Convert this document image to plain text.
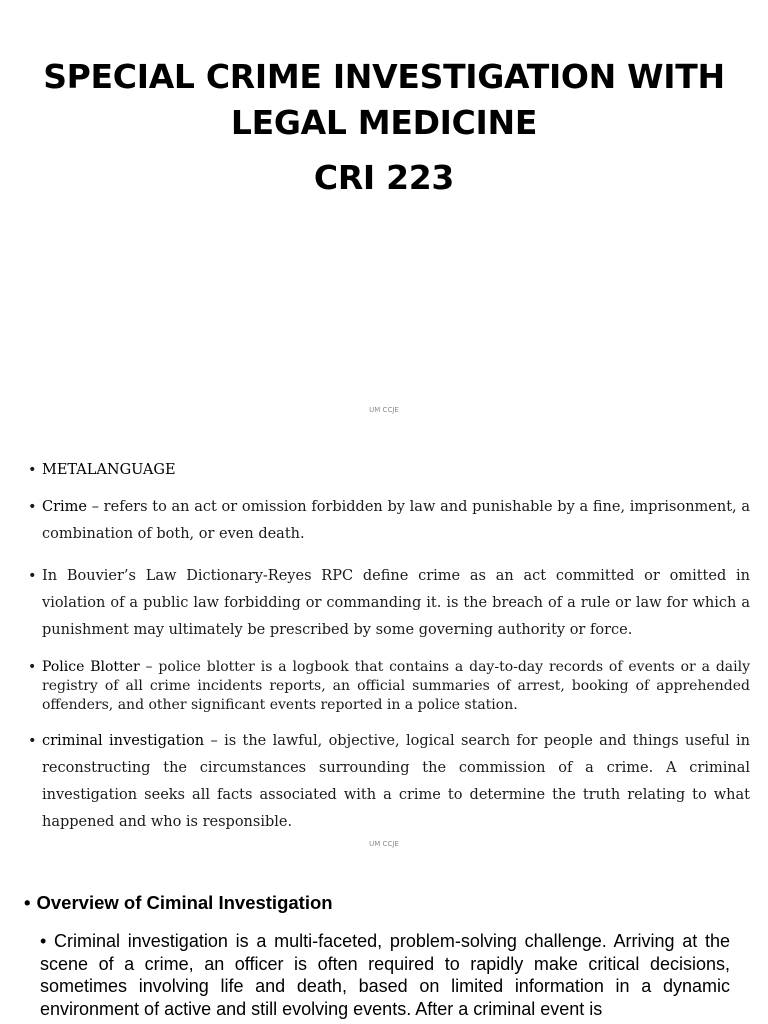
SPECIAL CRIME INVESTIGATION WITH
LEGAL MEDICINE
CRI 223
UM CCJE
• METALANGUAGE
• Crime – refers to an act or omission forbidden by law and punishable by a fine, imprisonment, a combination of both, or even death.
• In Bouvier’s Law Dictionary-Reyes RPC define crime as an act committed or omitted in violation of a public law forbidding or commanding it. is the breach of a rule or law for which a punishment may ultimately be prescribed by some governing authority or force.
• Police Blotter – police blotter is a logbook that contains a day-to-day records of events or a daily registry of all crime incidents reports, an official summaries of arrest, booking of apprehended offenders, and other significant events reported in a police station.
• criminal investigation – is the lawful, objective, logical search for people and things useful in reconstructing the circumstances surrounding the commission of a crime. A criminal investigation seeks all facts associated with a crime to determine the truth relating to what happened and who is responsible.
UM CCJE
• Overview of Ciminal Investigation
• Criminal investigation is a multi-faceted, problem-solving challenge. Arriving at the scene of a crime, an officer is often required to rapidly make critical decisions, sometimes involving life and death, based on limited information in a dynamic environment of active and still evolving events. After a criminal event is
